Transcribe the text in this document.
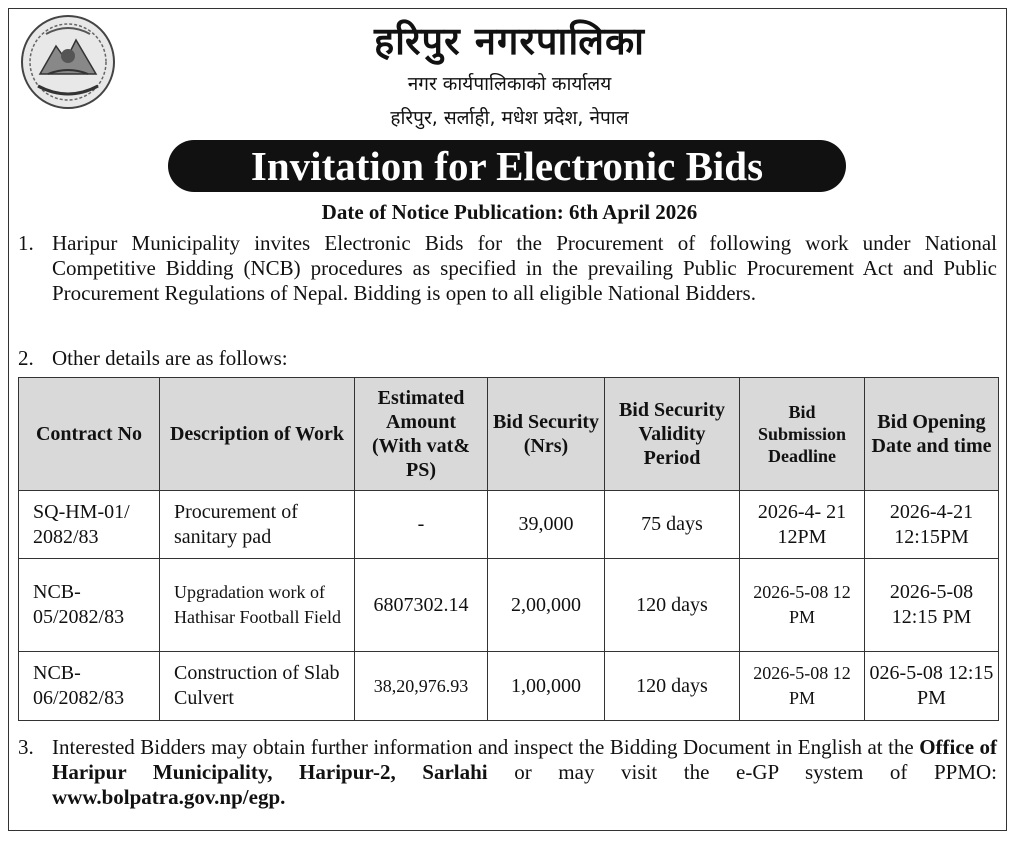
हरिपुर नगरपालिका
नगर कार्यपालिकाको कार्यालय
हरिपुर, सर्लाही, मधेश प्रदेश, नेपाल
Invitation for Electronic Bids
Date of Notice Publication: 6th April 2026
1. Haripur Municipality invites Electronic Bids for the Procurement of following work under National Competitive Bidding (NCB) procedures as specified in the prevailing Public Procurement Act and Public Procurement Regulations of Nepal. Bidding is open to all eligible National Bidders.
2. Other details are as follows:
Contract No	Description of Work	Estimated Amount (With vat& PS)	Bid Security (Nrs)	Bid Security Validity Period	Bid Submission Deadline	Bid Opening Date and time
SQ-HM-01/ 2082/83	Procurement of sanitary pad	-	39,000	75 days	2026-4- 21 12PM	2026-4-21 12:15PM
NCB- 05/2082/83	Upgradation work of Hathisar Football Field	6807302.14	2,00,000	120 days	2026-5-08 12 PM	2026-5-08 12:15 PM
NCB- 06/2082/83	Construction of Slab Culvert	38,20,976.93	1,00,000	120 days	2026-5-08 12 PM	026-5-08 12:15 PM
3. Interested Bidders may obtain further information and inspect the Bidding Document in English at the Office of Haripur Municipality, Haripur-2, Sarlahi or may visit the e-GP system of PPMO: www.bolpatra.gov.np/egp.
